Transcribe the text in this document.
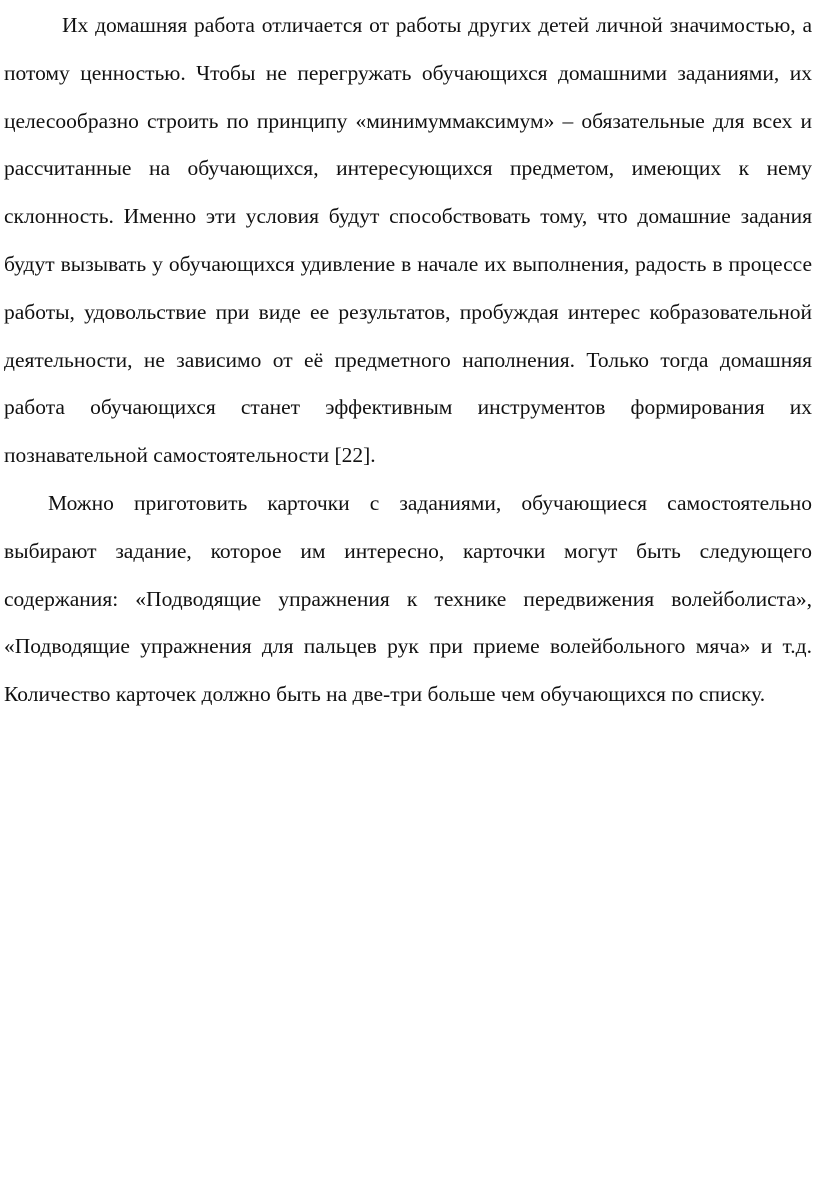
Их домашняя работа отличается от работы других детей личной значимостью, а потому ценностью. Чтобы не перегружать обучающихся домашними заданиями, их целесообразно строить по принципу «минимуммаксимум» – обязательные для всех и рассчитанные на обучающихся, интересующихся предметом, имеющих к нему склонность. Именно эти условия будут способствовать тому, что домашние задания будут вызывать у обучающихся удивление в начале их выполнения, радость в процессе работы, удовольствие при виде ее результатов, пробуждая интерес кобразовательной деятельности, не зависимо от её предметного наполнения. Только тогда домашняя работа обучающихся станет эффективным инструментов формирования их познавательной самостоятельности [22].

Можно приготовить карточки с заданиями, обучающиеся самостоятельно выбирают задание, которое им интересно, карточки могут быть следующего содержания: «Подводящие упражнения к технике передвижения волейболиста», «Подводящие упражнения для пальцев рук при приеме волейбольного мяча» и т.д. Количество карточек должно быть на две-три больше чем обучающихся по списку.
